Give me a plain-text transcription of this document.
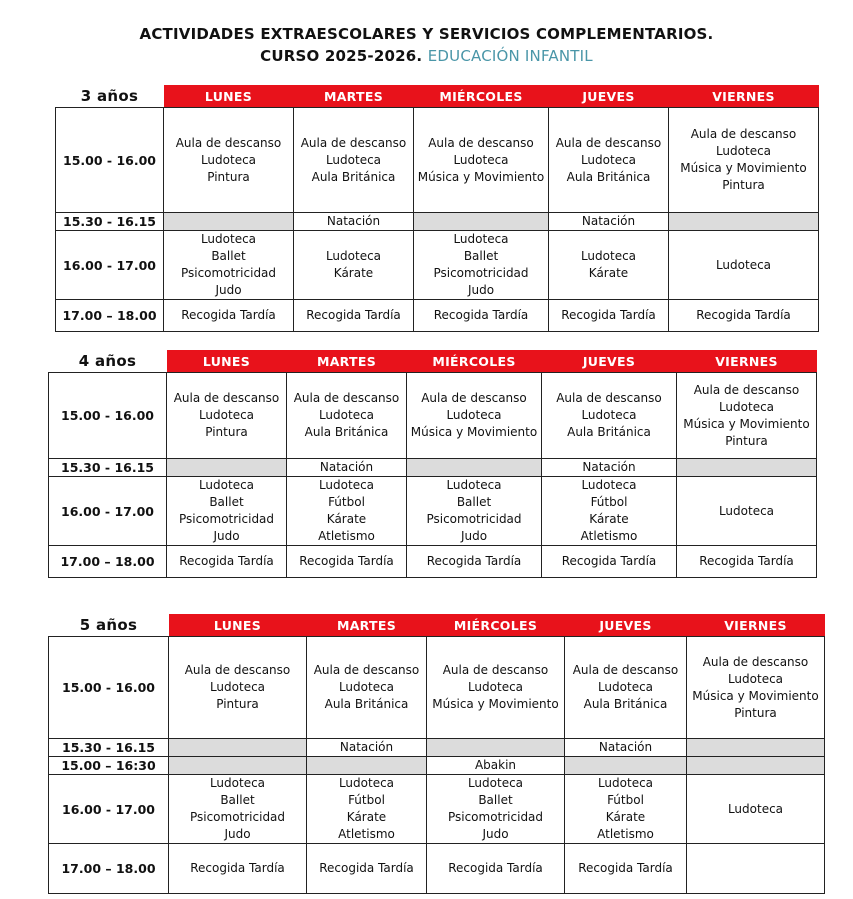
ACTIVIDADES EXTRAESCOLARES Y SERVICIOS COMPLEMENTARIOS.
CURSO 2025-2026. EDUCACIÓN INFANTIL
3 años	LUNES	MARTES	MIÉRCOLES	JUEVES	VIERNES
15.00 - 16.00	Aula de descanso
Ludoteca
Pintura	Aula de descanso
Ludoteca
Aula Británica	Aula de descanso
Ludoteca
Música y Movimiento	Aula de descanso
Ludoteca
Aula Británica	Aula de descanso
Ludoteca
Música y Movimiento
Pintura

15.30 - 16.15		Natación		Natación	

16.00 - 17.00	Ludoteca
Ballet
Psicomotricidad
Judo	Ludoteca
Kárate	Ludoteca
Ballet
Psicomotricidad
Judo	Ludoteca
Kárate	Ludoteca

17.00 – 18.00	Recogida Tardía	Recogida Tardía	Recogida Tardía	Recogida Tardía	Recogida Tardía
4 años	LUNES	MARTES	MIÉRCOLES	JUEVES	VIERNES
15.00 - 16.00	Aula de descanso
Ludoteca
Pintura	Aula de descanso
Ludoteca
Aula Británica	Aula de descanso
Ludoteca
Música y Movimiento	Aula de descanso
Ludoteca
Aula Británica	Aula de descanso
Ludoteca
Música y Movimiento
Pintura

15.30 - 16.15		Natación		Natación	

16.00 - 17.00	Ludoteca
Ballet
Psicomotricidad
Judo	Ludoteca
Fútbol
Kárate
Atletismo	Ludoteca
Ballet
Psicomotricidad
Judo	Ludoteca
Fútbol
Kárate
Atletismo	Ludoteca

17.00 – 18.00	Recogida Tardía	Recogida Tardía	Recogida Tardía	Recogida Tardía	Recogida Tardía
5 años	LUNES	MARTES	MIÉRCOLES	JUEVES	VIERNES
15.00 - 16.00	Aula de descanso
Ludoteca
Pintura	Aula de descanso
Ludoteca
Aula Británica	Aula de descanso
Ludoteca
Música y Movimiento	Aula de descanso
Ludoteca
Aula Británica	Aula de descanso
Ludoteca
Música y Movimiento
Pintura

15.30 - 16.15		Natación		Natación	

15.00 – 16:30			Abakin		

16.00 - 17.00	Ludoteca
Ballet
Psicomotricidad
Judo	Ludoteca
Fútbol
Kárate
Atletismo	Ludoteca
Ballet
Psicomotricidad
Judo	Ludoteca
Fútbol
Kárate
Atletismo	Ludoteca

17.00 – 18.00	Recogida Tardía	Recogida Tardía	Recogida Tardía	Recogida Tardía	
